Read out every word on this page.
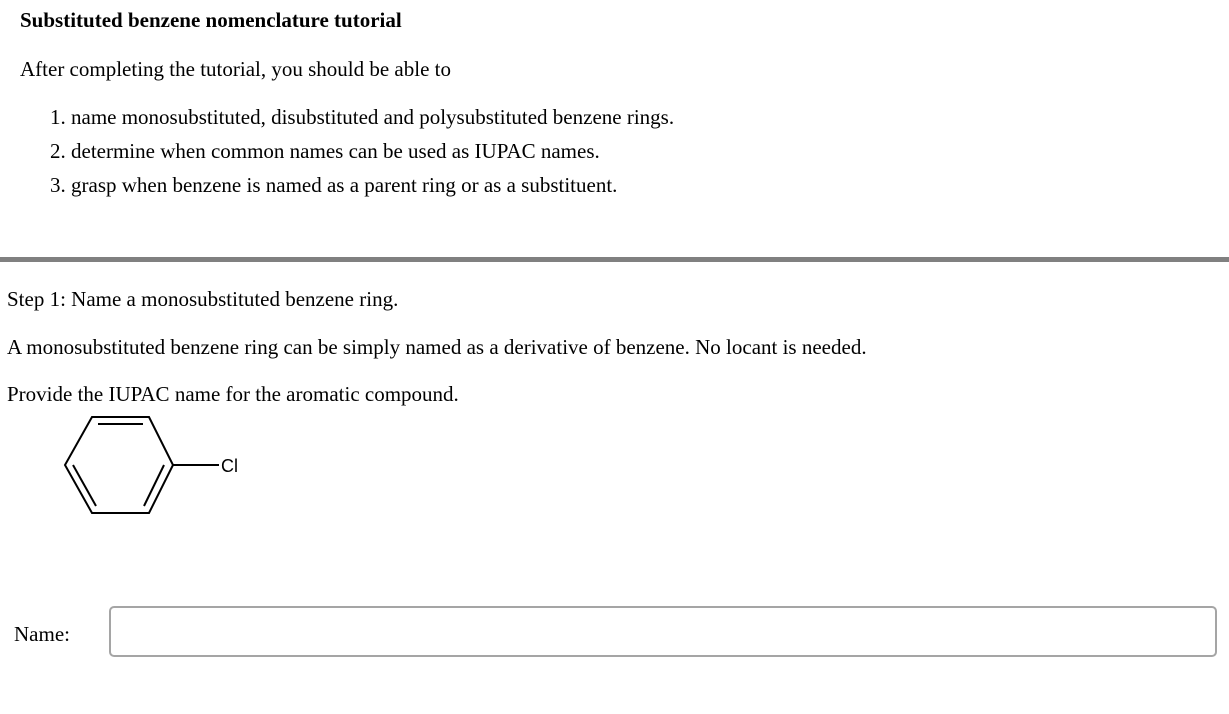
Substituted benzene nomenclature tutorial

After completing the tutorial, you should be able to

1. name monosubstituted, disubstituted and polysubstituted benzene rings.
2. determine when common names can be used as IUPAC names.
3. grasp when benzene is named as a parent ring or as a substituent.

Step 1: Name a monosubstituted benzene ring.

A monosubstituted benzene ring can be simply named as a derivative of benzene. No locant is needed.

Provide the IUPAC name for the aromatic compound.

Cl
Name:
